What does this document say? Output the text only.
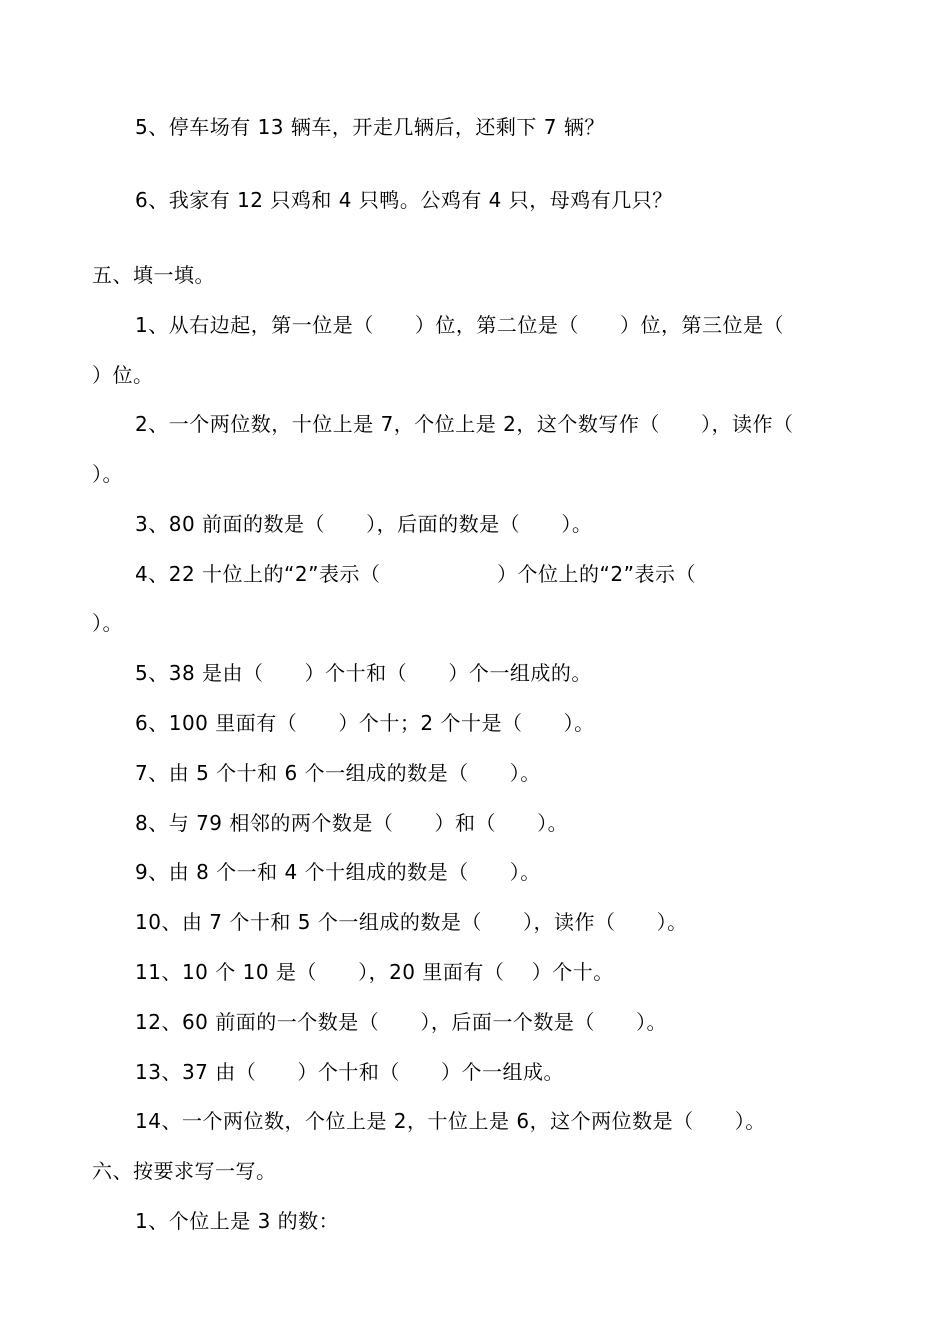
5、停车场有 13 辆车，开走几辆后，还剩下 7 辆？
6、我家有 12 只鸡和 4 只鸭。公鸡有 4 只，母鸡有几只？
五、填一填。
1、从右边起，第一位是（      ）位，第二位是（      ）位，第三位是（
）位。
2、一个两位数，十位上是 7，个位上是 2，这个数写作（      ），读作（
）。
3、80 前面的数是（      ），后面的数是（      ）。
4、22 十位上的“2”表示（                 ）个位上的“2”表示（
）。
5、38 是由（      ）个十和（      ）个一组成的。
6、100 里面有（      ）个十；2 个十是（      ）。
7、由 5 个十和 6 个一组成的数是（      ）。
8、与 79 相邻的两个数是（      ）和（      ）。
9、由 8 个一和 4 个十组成的数是（      ）。
10、由 7 个十和 5 个一组成的数是（      ），读作（      ）。
11、10 个 10 是（      ），20 里面有（    ）个十。
12、60 前面的一个数是（      ），后面一个数是（      ）。
13、37 由（      ）个十和（      ）个一组成。
14、一个两位数，个位上是 2，十位上是 6，这个两位数是（      ）。
六、按要求写一写。
1、个位上是 3 的数：
